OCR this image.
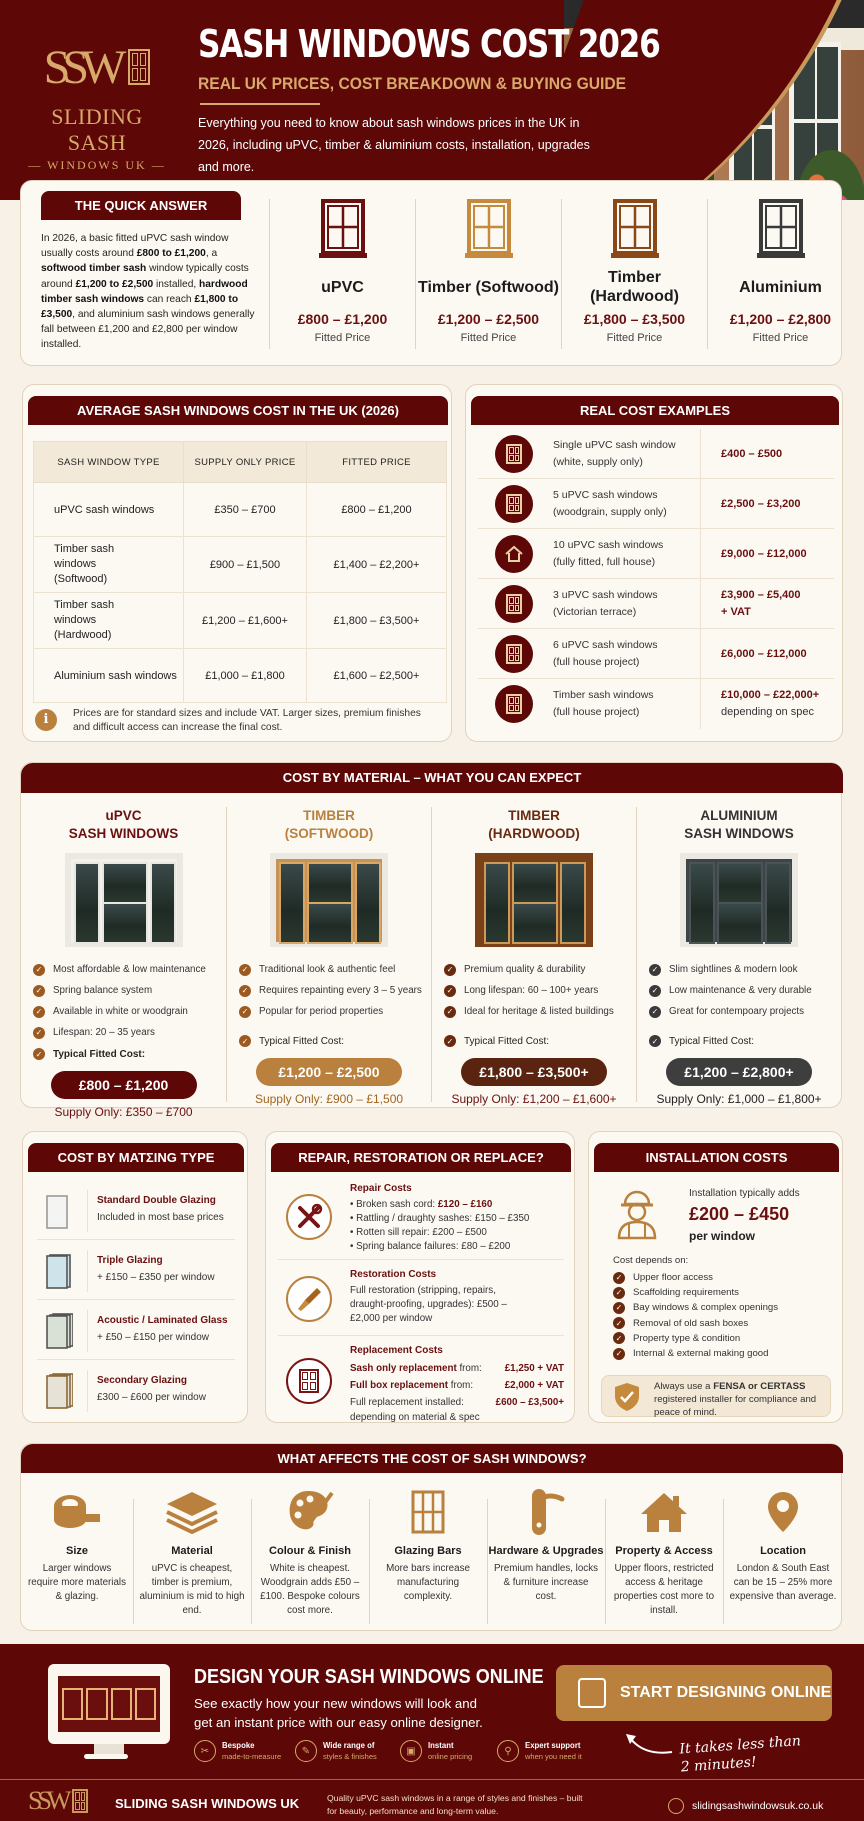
SSW
SLIDING SASH
— WINDOWS UK —
SASH WINDOWS COST 2026
REAL UK PRICES, COST BREAKDOWN & BUYING GUIDE

Everything you need to know about sash windows prices in the UK in 2026, including uPVC, timber & aluminium costs, installation, upgrades and more.

THE QUICK ANSWER

In 2026, a basic fitted uPVC sash window usually costs around £800 to £1,200, a softwood timber sash window typically costs around £1,200 to £2,500 installed, hardwood timber sash windows can reach £1,800 to £3,500, and aluminium sash windows generally fall between £1,200 and £2,800 per window installed.

uPVC
£800 – £1,200
Fitted Price
Timber (Softwood)
£1,200 – £2,500
Fitted Price
Timber (Hardwood)
£1,800 – £3,500
Fitted Price
Aluminium
£1,200 – £2,800
Fitted Price
AVERAGE SASH WINDOWS COST IN THE UK (2026)
SASH WINDOW TYPE	SUPPLY ONLY PRICE	FITTED PRICE
uPVC sash windows	£350 – £700	£800 – £1,200
Timber sash windows (Softwood)	£900 – £1,500	£1,400 – £2,200+
Timber sash windows (Hardwood)	£1,200 – £1,600+	£1,800 – £3,500+
Aluminium sash windows	£1,000 – £1,800	£1,600 – £2,500+
i	Prices are for standard sizes and include VAT. Larger sizes, premium finishes and difficult access can increase the final cost.
REAL COST EXAMPLES
Single uPVC sash window
(white, supply only)
£400 – £500
5 uPVC sash windows
(woodgrain, supply only)
£2,500 – £3,200
10 uPVC sash windows
(fully fitted, full house)
£9,000 – £12,000
3 uPVC sash windows
(Victorian terrace)
£3,900 – £5,400
+ VAT
6 uPVC sash windows
(full house project)
£6,000 – £12,000
Timber sash windows
(full house project)
£10,000 – £22,000+
depending on spec
COST BY MATERIAL – WHAT YOU CAN EXPECT
uPVC
SASH WINDOWS
✓ Most affordable & low maintenance
✓ Spring balance system
✓ Available in white or woodgrain
✓ Lifespan: 20 – 35 years
✓ Typical Fitted Cost:
£800 – £1,200
Supply Only: £350 – £700
TIMBER
(SOFTWOOD)
✓ Traditional look & authentic feel
✓ Requires repainting every 3 – 5 years
✓ Popular for period properties
✓ Typical Fitted Cost:
£1,200 – £2,500
Supply Only: £900 – £1,500
TIMBER
(HARDWOOD)
✓ Premium quality & durability
✓ Long lifespan: 60 – 100+ years
✓ Ideal for heritage & listed buildings
✓ Typical Fitted Cost:
£1,800 – £3,500+
Supply Only: £1,200 – £1,600+
ALUMINIUM
SASH WINDOWS
✓ Slim sightlines & modern look
✓ Low maintenance & very durable
✓ Great for contempoary projects
✓ Typical Fitted Cost:
£1,200 – £2,800+
Supply Only: £1,000 – £1,800+
COST BY MATΣING TYPE
Standard Double Glazing
Included in most base prices
Triple Glazing
+ £150 – £350 per window
Acoustic / Laminated Glass
+ £50 – £150 per window
Secondary Glazing
£300 – £600 per window
REPAIR, RESTORATION OR REPLACE?
Repair Costs
• Broken sash cord: £120 – £160
• Rattling / draughty sashes: £150 – £350
• Rotten sill repair: £200 – £500
• Spring balance failures: £80 – £200
Restoration Costs
Full restoration (stripping, repairs, draught-proofing, upgrades): £500 – £2,000 per window
Replacement Costs
Sash only replacement from: £1,250 + VAT
Full box replacement from:	£2,000 + VAT
Full replacement installed:	£600 – £3,500+
depending on material & spec
INSTALLATION COSTS
Installation typically adds
£200 – £450
per window
Cost depends on:
✓ Upper floor access
✓ Scaffolding requirements
✓ Bay windows & complex openings
✓ Removal of old sash boxes
✓ Property type & condition
✓ Internal & external making good
Always use a FENSA or CERTASS registered installer for compliance and peace of mind.
WHAT AFFECTS THE COST OF SASH WINDOWS?
Size
Larger windows require more materials & glazing.
Material
uPVC is cheapest, timber is premium, aluminium is mid to high end.
Colour & Finish
White is cheapest. Woodgrain adds £50 – £100. Bespoke colours cost more.
Glazing Bars
More bars increase manufacturing complexity.
Hardware & Upgrades
Premium handles, locks & furniture increase cost.
Property & Access
Upper floors, restricted access & heritage properties cost more to install.
Location
London & South East can be 15 – 25% more expensive than average.
DESIGN YOUR SASH WINDOWS ONLINE

See exactly how your new windows will look and get an instant price with our easy online designer.

✂	Bespoke
made-to-measure	✎	Wide range of
styles & finishes	▣	Instant
online pricing	⚲	Expert support
when you need it
START DESIGNING ONLINE
It takes less than 2 minutes!
SSW	SLIDING SASH WINDOWS UK	Quality uPVC sash windows in a range of styles and finishes – built for beauty, performance and long-term value.	slidingsashwindowsuk.co.uk
